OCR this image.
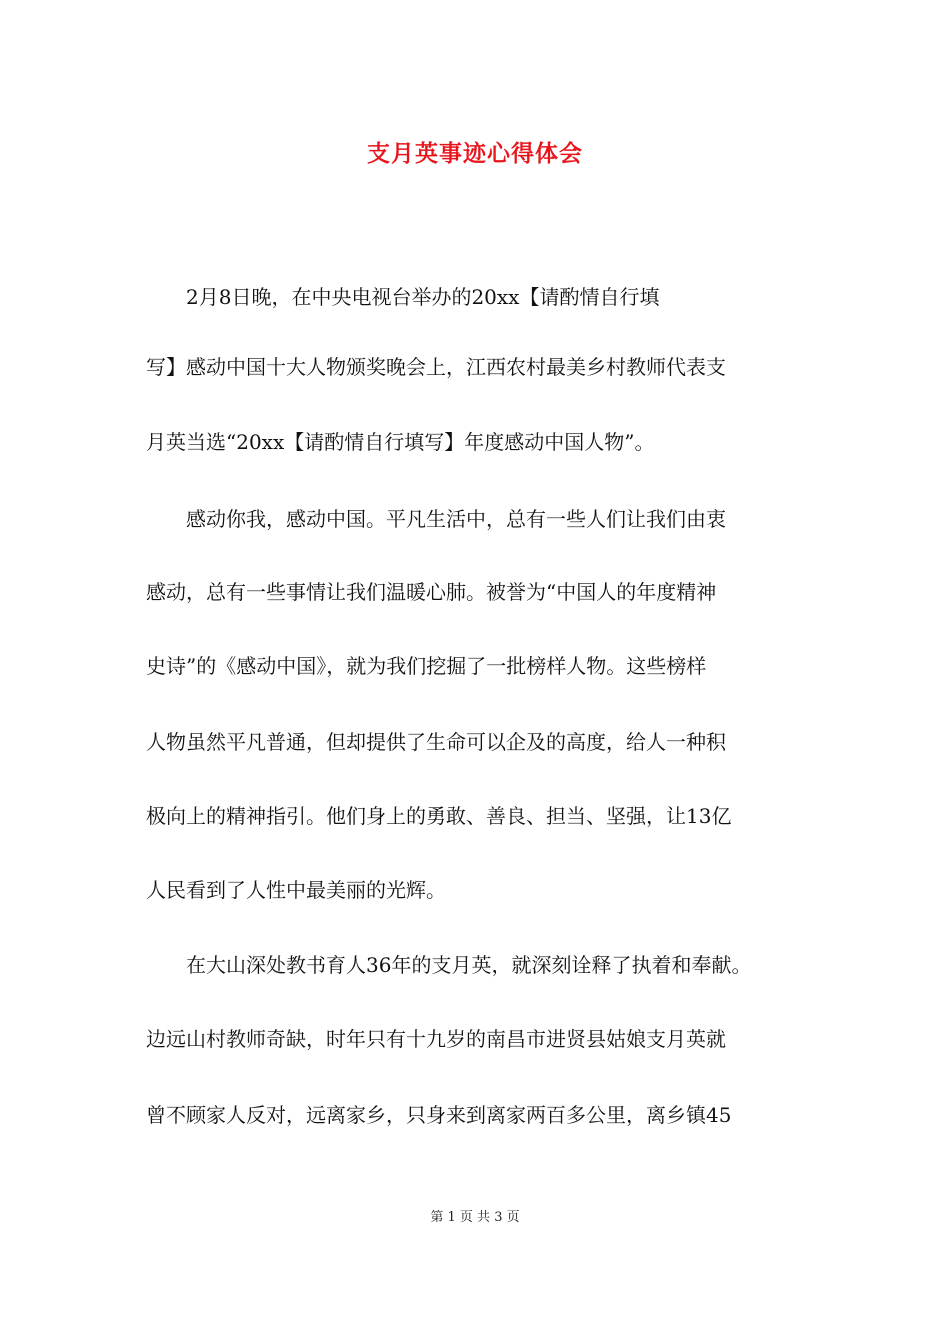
支月英事迹心得体会
　　2月8日晚，在中央电视台举办的20xx【请酌情自行填
写】感动中国十大人物颁奖晚会上，江西农村最美乡村教师代表支
月英当选“20xx【请酌情自行填写】年度感动中国人物”。
　　感动你我，感动中国。平凡生活中，总有一些人们让我们由衷
感动，总有一些事情让我们温暖心肺。被誉为“中国人的年度精神
史诗”的《感动中国》，就为我们挖掘了一批榜样人物。这些榜样
人物虽然平凡普通，但却提供了生命可以企及的高度，给人一种积
极向上的精神指引。他们身上的勇敢、善良、担当、坚强，让13亿
人民看到了人性中最美丽的光辉。
　　在大山深处教书育人36年的支月英，就深刻诠释了执着和奉献。
边远山村教师奇缺，时年只有十九岁的南昌市进贤县姑娘支月英就
曾不顾家人反对，远离家乡，只身来到离家两百多公里，离乡镇45
第 1 页 共 3 页
